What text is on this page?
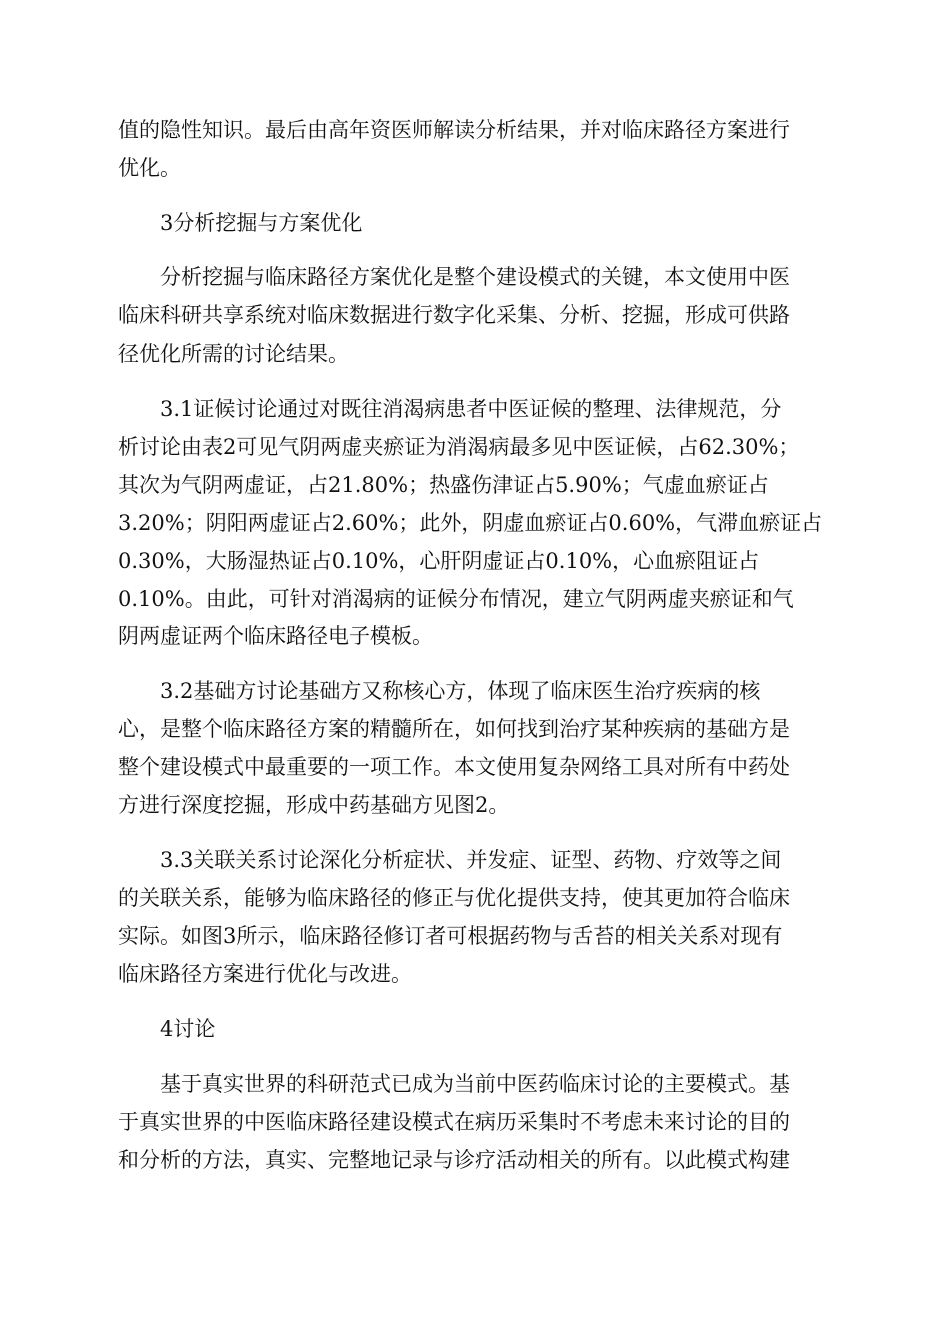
值的隐性知识。最后由高年资医师解读分析结果，并对临床路径方案进行
优化。
3分析挖掘与方案优化
分析挖掘与临床路径方案优化是整个建设模式的关键，本文使用中医
临床科研共享系统对临床数据进行数字化采集、分析、挖掘，形成可供路
径优化所需的讨论结果。
3.1证候讨论通过对既往消渴病患者中医证候的整理、法律规范，分
析讨论由表2可见气阴两虚夹瘀证为消渴病最多见中医证候，占62.30%；
其次为气阴两虚证，占21.80%；热盛伤津证占5.90%；气虚血瘀证占
3.20%；阴阳两虚证占2.60%；此外，阴虚血瘀证占0.60%，气滞血瘀证占
0.30%，大肠湿热证占0.10%，心肝阴虚证占0.10%，心血瘀阻证占
0.10%。由此，可针对消渴病的证候分布情况，建立气阴两虚夹瘀证和气
阴两虚证两个临床路径电子模板。
3.2基础方讨论基础方又称核心方，体现了临床医生治疗疾病的核
心，是整个临床路径方案的精髓所在，如何找到治疗某种疾病的基础方是
整个建设模式中最重要的一项工作。本文使用复杂网络工具对所有中药处
方进行深度挖掘，形成中药基础方见图2。
3.3关联关系讨论深化分析症状、并发症、证型、药物、疗效等之间
的关联关系，能够为临床路径的修正与优化提供支持，使其更加符合临床
实际。如图3所示，临床路径修订者可根据药物与舌苔的相关关系对现有
临床路径方案进行优化与改进。
4讨论
基于真实世界的科研范式已成为当前中医药临床讨论的主要模式。基
于真实世界的中医临床路径建设模式在病历采集时不考虑未来讨论的目的
和分析的方法，真实、完整地记录与诊疗活动相关的所有。以此模式构建
